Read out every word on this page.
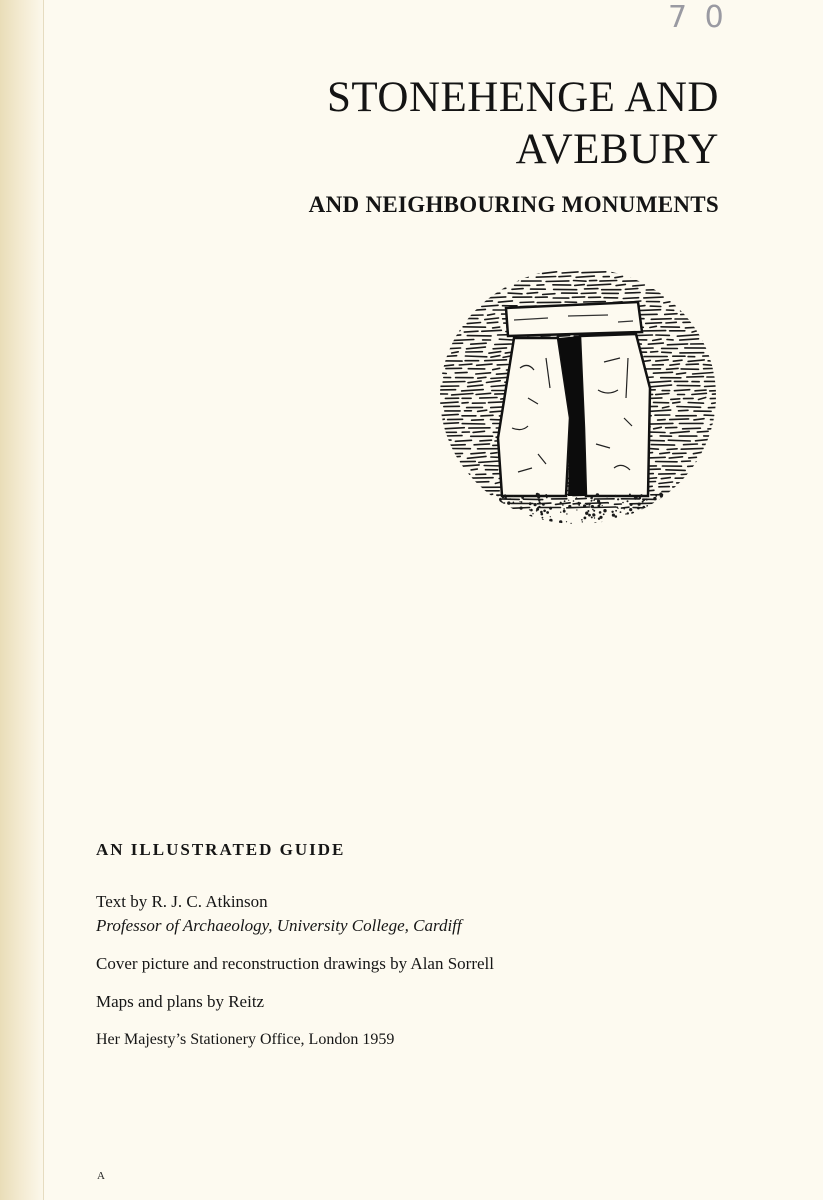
7 0
STONEHENGE AND AVEBURY
AND NEIGHBOURING MONUMENTS

AN ILLUSTRATED GUIDE

Text by R. J. C. Atkinson

Professor of Archaeology, University College, Cardiff

Cover picture and reconstruction drawings by Alan Sorrell

Maps and plans by Reitz

Her Majesty’s Stationery Office, London 1959

A
